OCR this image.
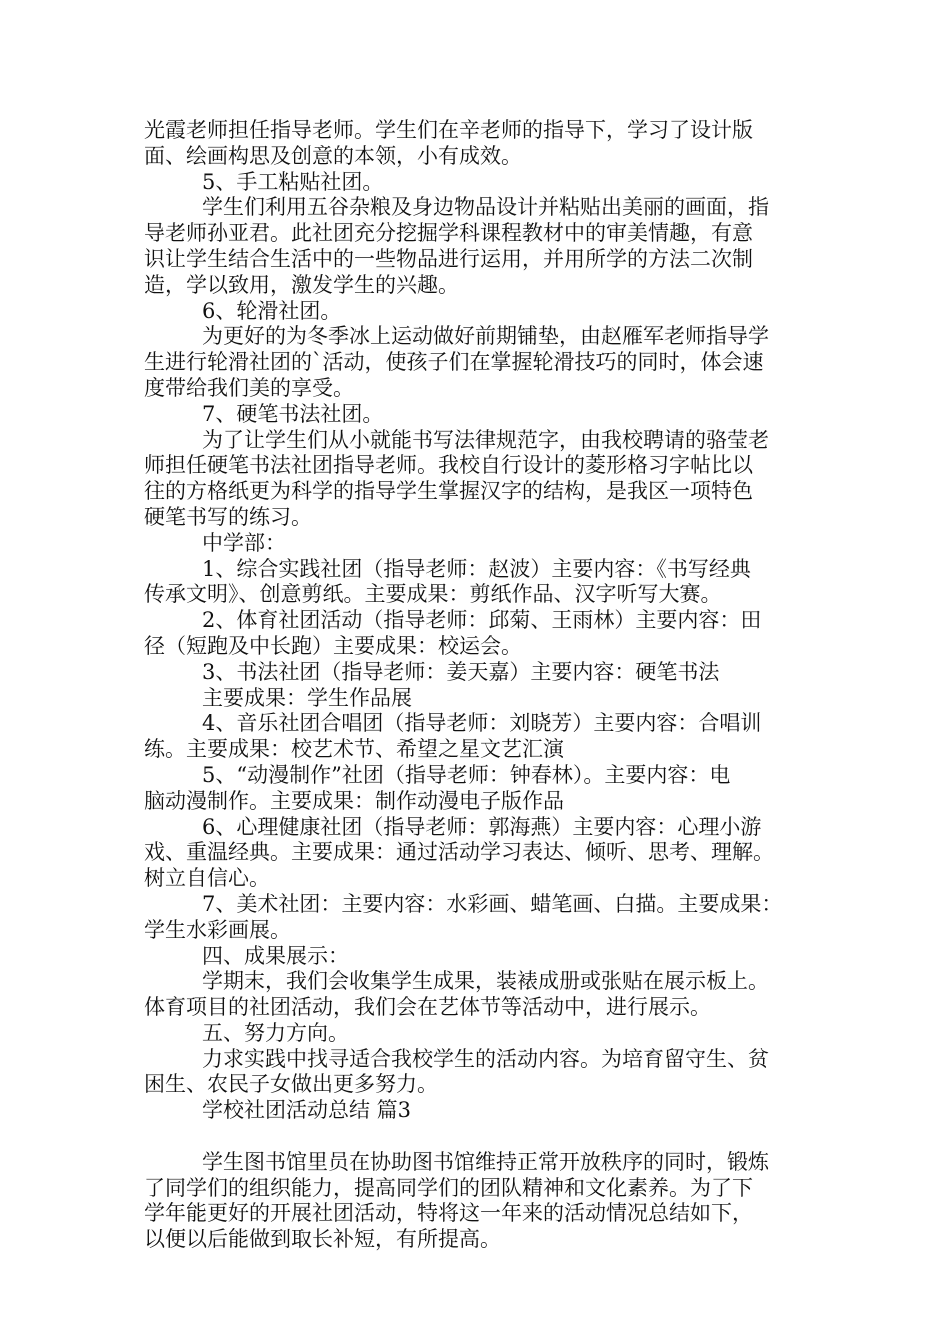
光霞老师担任指导老师。学生们在辛老师的指导下，学习了设计版
面、绘画构思及创意的本领，小有成效。
5、手工粘贴社团。
学生们利用五谷杂粮及身边物品设计并粘贴出美丽的画面，指
导老师孙亚君。此社团充分挖掘学科课程教材中的审美情趣，有意
识让学生结合生活中的一些物品进行运用，并用所学的方法二次制
造，学以致用，激发学生的兴趣。
6、轮滑社团。
为更好的为冬季冰上运动做好前期铺垫，由赵雁军老师指导学
生进行轮滑社团的`活动，使孩子们在掌握轮滑技巧的同时，体会速
度带给我们美的享受。
7、硬笔书法社团。
为了让学生们从小就能书写法律规范字，由我校聘请的骆莹老
师担任硬笔书法社团指导老师。我校自行设计的菱形格习字帖比以
往的方格纸更为科学的指导学生掌握汉字的结构，是我区一项特色
硬笔书写的练习。
中学部：
1、综合实践社团（指导老师：赵波）主要内容：《书写经典
传承文明》、创意剪纸。主要成果：剪纸作品、汉字听写大赛。
2、体育社团活动（指导老师：邱菊、王雨林）主要内容：田
径（短跑及中长跑）主要成果：校运会。
3、书法社团（指导老师：姜天嘉）主要内容：硬笔书法
主要成果：学生作品展
4、音乐社团合唱团（指导老师：刘晓芳）主要内容：合唱训
练。主要成果：校艺术节、希望之星文艺汇演
5、“动漫制作”社团（指导老师：钟春林）。主要内容：电
脑动漫制作。主要成果：制作动漫电子版作品
6、心理健康社团（指导老师：郭海燕）主要内容：心理小游
戏、重温经典。主要成果：通过活动学习表达、倾听、思考、理解。
树立自信心。
7、美术社团：主要内容：水彩画、蜡笔画、白描。主要成果：
学生水彩画展。
四、成果展示：
学期末，我们会收集学生成果，装裱成册或张贴在展示板上。
体育项目的社团活动，我们会在艺体节等活动中，进行展示。
五、努力方向。
力求实践中找寻适合我校学生的活动内容。为培育留守生、贫
困生、农民子女做出更多努力。
学校社团活动总结 篇3
学生图书馆里员在协助图书馆维持正常开放秩序的同时，锻炼
了同学们的组织能力，提高同学们的团队精神和文化素养。为了下
学年能更好的开展社团活动，特将这一年来的活动情况总结如下，
以便以后能做到取长补短，有所提高。
